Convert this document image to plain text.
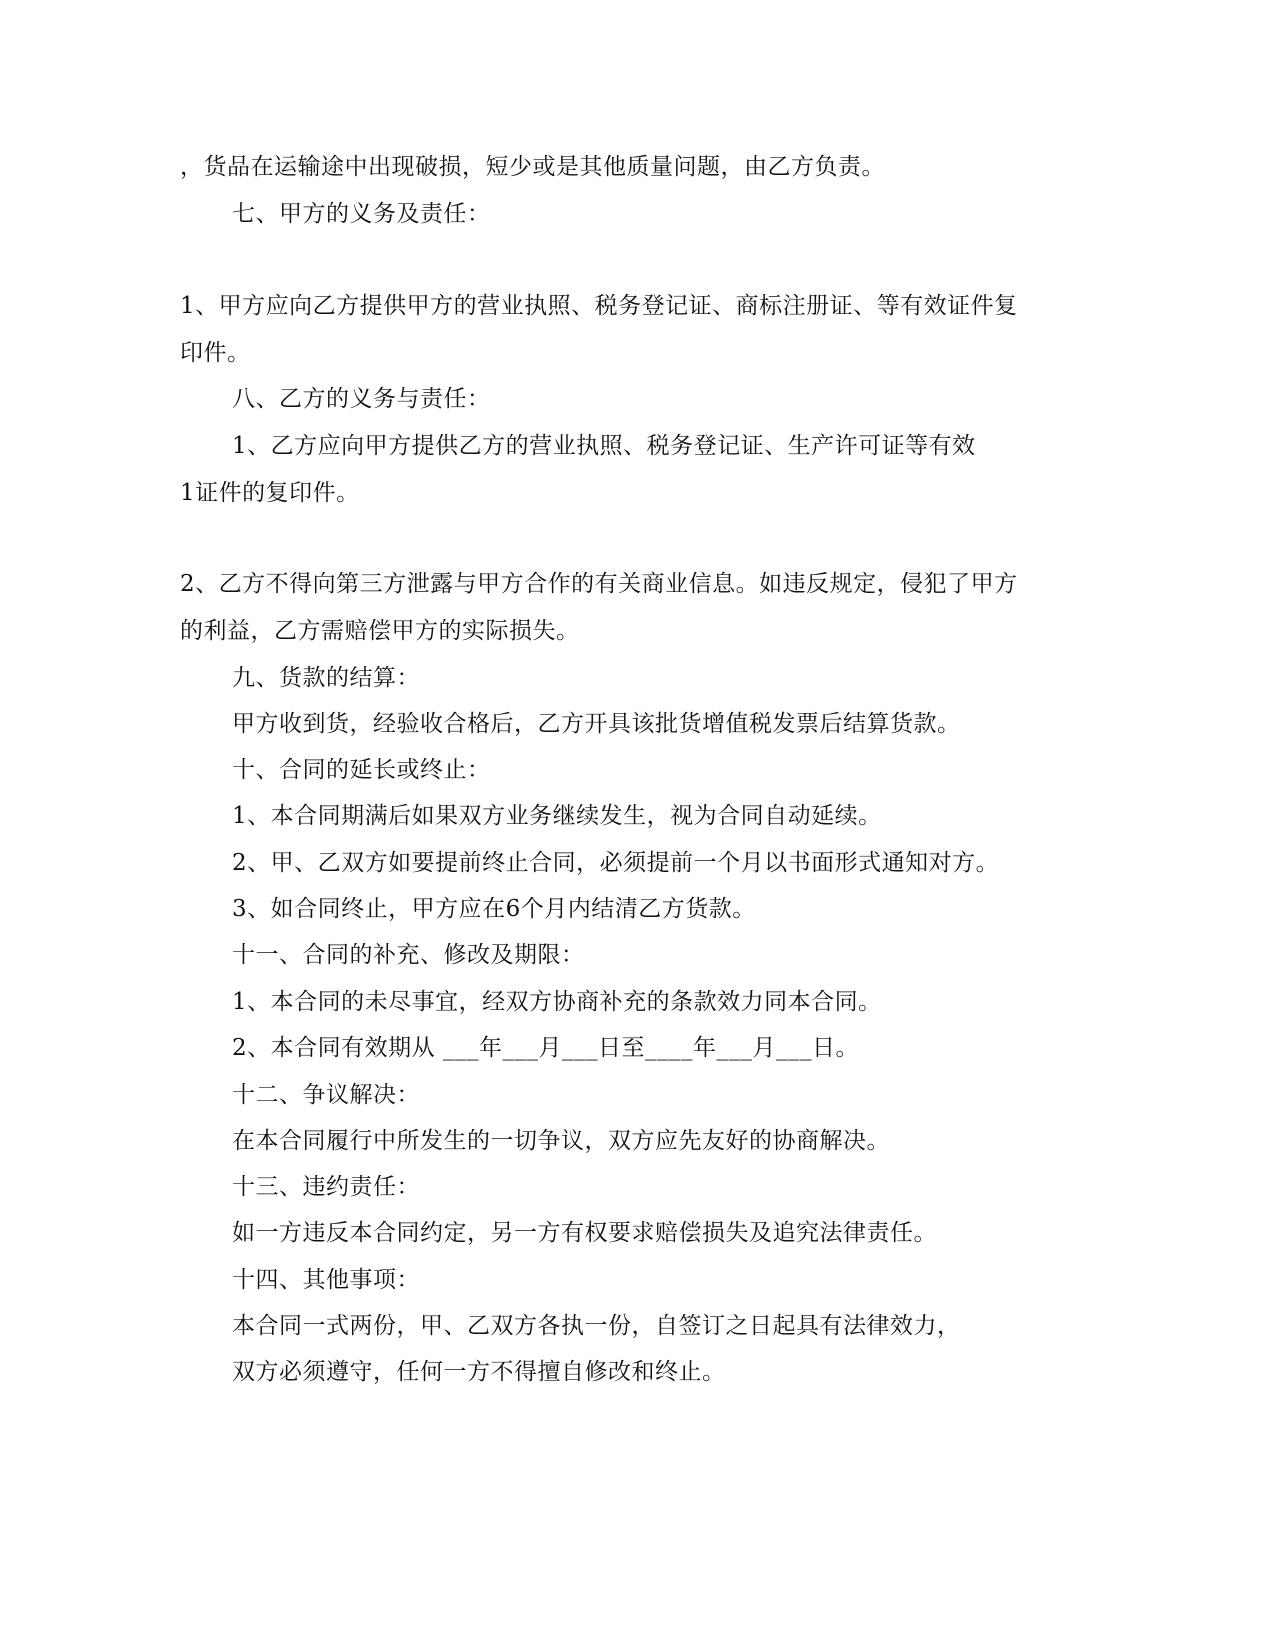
，货品在运输途中出现破损，短少或是其他质量问题，由乙方负责。
七、甲方的义务及责任：
1、甲方应向乙方提供甲方的营业执照、税务登记证、商标注册证、等有效证件复
印件。
八、乙方的义务与责任：
1、乙方应向甲方提供乙方的营业执照、税务登记证、生产许可证等有效
1证件的复印件。
2、乙方不得向第三方泄露与甲方合作的有关商业信息。如违反规定，侵犯了甲方
的利益，乙方需赔偿甲方的实际损失。
九、货款的结算：
甲方收到货，经验收合格后，乙方开具该批货增值税发票后结算货款。
十、合同的延长或终止：
1、本合同期满后如果双方业务继续发生，视为合同自动延续。
2、甲、乙双方如要提前终止合同，必须提前一个月以书面形式通知对方。
3、如合同终止，甲方应在6个月内结清乙方货款。
十一、合同的补充、修改及期限：
1、本合同的未尽事宜，经双方协商补充的条款效力同本合同。
2、本合同有效期从 ___年___月___日至____年___月___日。
十二、争议解决：
在本合同履行中所发生的一切争议，双方应先友好的协商解决。
十三、违约责任：
如一方违反本合同约定，另一方有权要求赔偿损失及追究法律责任。
十四、其他事项：
本合同一式两份，甲、乙双方各执一份，自签订之日起具有法律效力，
双方必须遵守，任何一方不得擅自修改和终止。
